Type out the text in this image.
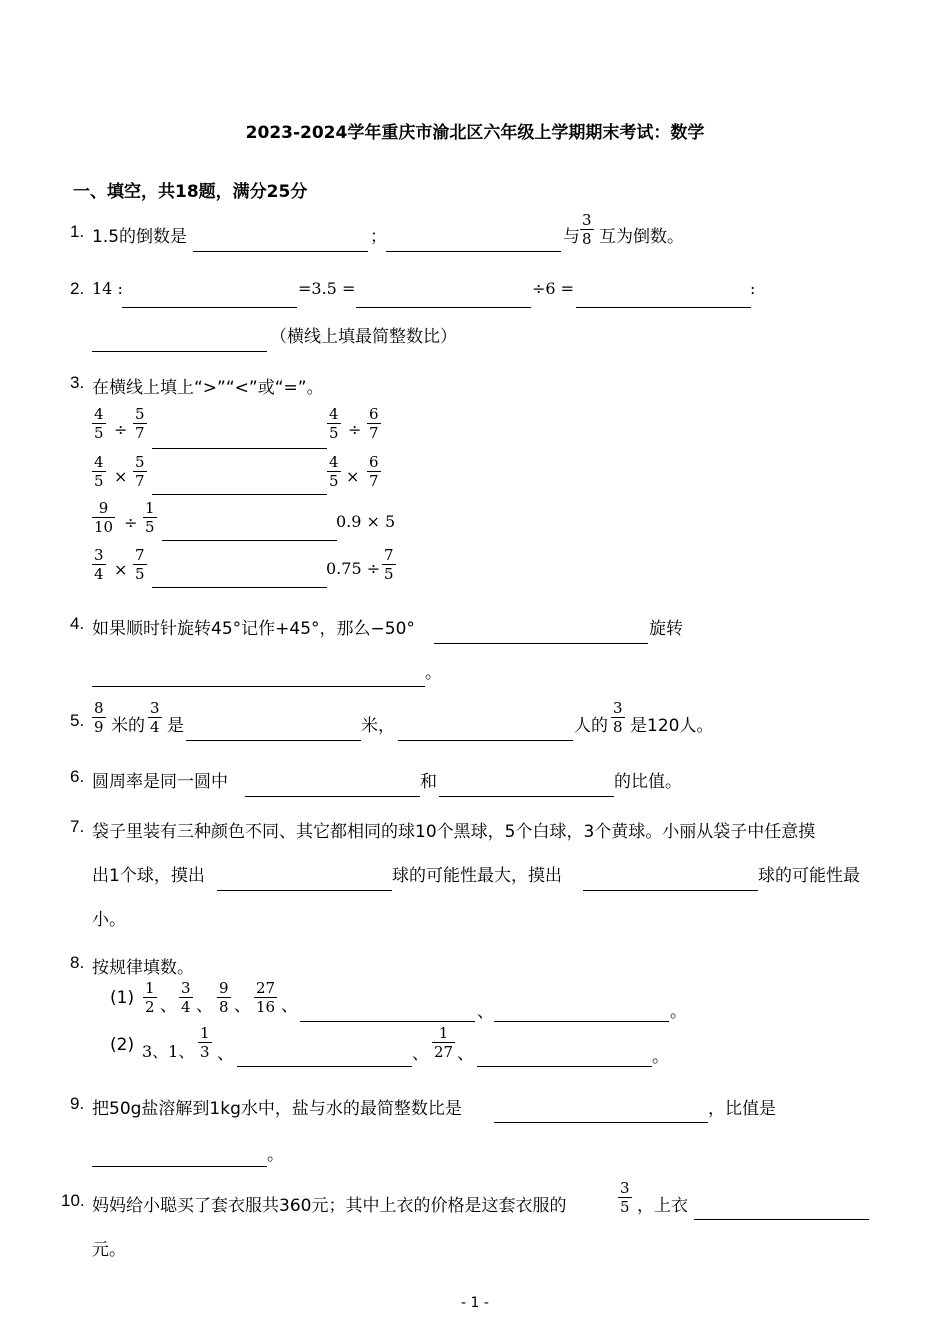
2023-2024学年重庆市渝北区六年级上学期期末考试：数学
一、填空，共18题，满分25分
1. 1.5的倒数是	；	与 $\frac{3}{8}$ 互为倒数。
2. 14 :	=3.5 =	÷6 =	:
（横线上填最简整数比）
3. 在横线上填上“>”“<”或“=”。
$\frac{4}{5} \div \frac{5}{7}$	$\frac{4}{5} \div \frac{6}{7}$
$\frac{4}{5} \times \frac{5}{7}$	$\frac{4}{5} \times \frac{6}{7}$
$\frac{9}{10} \div \frac{1}{5}$	0.9 × 5
$\frac{3}{4} \times \frac{7}{5}$	$0.75 \div \frac{7}{5}$
4. 如果顺时针旋转45°记作+45°，那么−50°	旋转
。
5. $\frac{8}{9}$ 米的 $\frac{3}{4}$ 是	米，	人的 $\frac{3}{8}$ 是120人。
6. 圆周率是同一圆中	和	的比值。
7. 袋子里装有三种颜色不同、其它都相同的球10个黑球，5个白球，3个黄球。小丽从袋子中任意摸
出1个球，摸出	球的可能性最大，摸出	球的可能性最
小。
8. 按规律填数。
$(1) \frac{1}{2}$ 、 $\frac{3}{4}$ 、 $\frac{9}{8}$ 、 $\frac{27}{16}$ 、	、	。
(2) 3、1、 $\frac{1}{3}$ 、	、 $\frac{1}{27}$ 、	。
9. 把50g盐溶解到1kg水中，盐与水的最简整数比是	，比值是
。
10. 妈妈给小聪买了套衣服共360元；其中上衣的价格是这套衣服的	$\frac{3}{5}$ ，上衣
元。
- 1 -
